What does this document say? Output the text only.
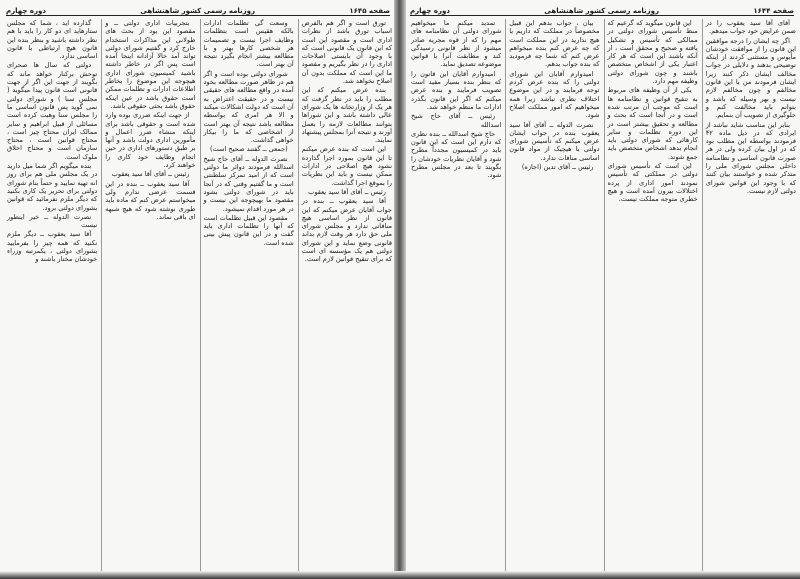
صفحه ۱۶۴۵
روزنامه رسمی کشور شاهنشاهی
دوره چهارم

تورق است و اگر هم بالفرض اسباب تورق باشد از نظرات اداری است و مقصود این است که این قانون یک قانونی است که با وجود آن بایستی اصلاحات اداری را در نظر بگیریم و مقصود ما این است که مملکت بدون آن اصلاح نخواهد شد.

بنده عرض میکنم که این مطلب را باید در نظر گرفت که هر یک از وزارتخانه ها یک شورای عالی داشته باشد و این شوراها بتوانند مطالعات لازمه را بعمل آورند و نتیجه آنرا بمجلس پیشنهاد نمایند.

این است که بنده عرض میکنم تا این قانون بمورد اجرا گذارده نشود هیچ اصلاحی در ادارات ممکن نیست و باید این نظریات را بموقع اجرا گذاشت.

رئیس ــ آقای آقا سید یعقوب

آقا سید یعقوب ــ بنده در جواب آقایان عرض میکنم که این قانون از نظر اساسی هیچ منافاتی ندارد و مجلس شورای ملی حق دارد هر وقت لازم بداند قانونی وضع نماید و این شورای دولتی هم یک مؤسسه ای است که برای تنقیح قوانین لازم است.

وسعت گی تظلمات ادارات بالکه هقیس است بتظلمات وظایف اجرا نیست و تصمیمات هر شخصی کارها بهتر و با مطالعه بیشتر انجام بگیرد نتیجه آن بهتر است.

شورای دولتی بوده است و اگر هم در ظاهر صورت مطالعه بخود آمده در واقع مطالعه های حقیقی نیست و در حقیقت اعتراض به آن است که دولت اشکالات میکند و الا هر امری که بواسطه مطالعه باشد نتیجه آن بهتر است از اشخاصی که ما را بیکار خواهی گذاشت.

(جمعی ــ گفتند صحیح است)

نصرت الدوله ــ آقای حاج شیخ اسدالله فرمودند دوائر ما دولتی است که از امید تمرکز سلطنتی است و ما گفتیم وقتی که در آنجا باید در شورای دولتی بشود مقصود ما بهیچوجه این نیست و در هر مورد اقدام نمیشود.

مقصود این قبیل تظلمات است که آنها را تظلمات اداری باید گفت و در این قانون پیش بینی شده است.

بتجربیات اداری دولتی ــ و مقصود این بود از بحث های طولانی این مذاکرات استخدام خارج کرد و گفتیم شورای دولتی تواند آمد حالا آزادانه اینجا آمده است پس اگر در خاطر داشته باشید کمیسیون شورای اداری هیچوجه این موضوع را بخاطر اطلاعات ادارات و تظلمات ممکن است حقوق باشد در عین اینکه حقوق باشد بحثی حقوقی باشد.

از جهت اینکه ضرری بوده وارد شده است و حقوقی باشد برای اینکه منشاء ضرر اعمال و مأمورین اداری دولت باشد و آنها بر طبق دستورهای اداری در حین انجام وظایف خود کاری را خواهند کرد.

رئیس ــ آقای آقا سید یعقوب

آقا سید یعقوب ــ بنده در این قسمت عرضی ندارم ولی میخواستم عرض کنم که ماده باید طوری نوشته شود که هیچ شبهه ای باقی نماند.

گذارده اید ، شما که مجلس ستارهاید ای دو کار را باید با هم نظر داشته باشید و بنظر بنده این قانون هیچ ارتباطی با قانون اساسی ندارد.

دولتی که سال ها صحرای توحش برکنار خواهد ماند که بگویند از جهت این اگر از جهت قانونی است قانون پیدا میگوید ( مجلس سنا ) و شورای دولتی نمی گوید پس قانون اساسی ما را مجلس سنا وهبت کرده است مسائلی از قبیل ابراهیم و سایر ممالک ایران محتاج چیز است ، محتاج قوانین است ، محتاج سازمان است و محتاج اخلاق ملوک است.

بنده میگویم اگر شما میل دارید در یک مجلس ملی هم برای روز انه تهیه نمایید و حتماً بنام شورای دولتی برای تحریر یک کاری بکنید که دیگر ملزم نفرمائید که قوانین بشورای دولتی برود.

نصرت الدوله ــ خیر اینطور نیست

آقا سید یعقوب ــ دیگر ملزم نکنید که همه چیز را بفرمایید بشورای دولتی ، یکمرتبه وزراء خودشان مختار باشند و

صفحه ۱۶۴۴
روزنامه رسمی کشور شاهنشاهی
دوره چهارم

آقای آقا سید یعقوب را در ضمن عرایض خود جواب میدهم.

اگر چه ایشان را درجه موافقین این قانون را از موافقت خودشان مأیوس و مستثنی کردند از اینکه توضیحی بدهند و دلایلی در جواب مخالف ایشان ذکر کنند زیرا ایشان فرمودند من با این قانون مخالفم و چون مخالفم لازم نیست و بهر وسیله که باشد و بتوانم باید مخالفت کنم و جلوگیری از تصویب آن بنمایم.

بنابر این مناسب شاید نباشد از ایرادی که در ذیل ماده ۴۲ فرمودند بواسطه این مطلب بود که در اول بیان کرده ولی در هر صورت قانون اساسی و نظامنامه داخلی مجلس شورای ملی را متذکر شده و خواستند بیان کنند که با وجود این قوانین شورای دولتی لازم نیست.

این قانون میگوید که گرعیم که منظ تأسیس شورای دولتی در ممالکی که تأسیس و تشکیل یافته و صحیح و محقق است ، از آنکه باشند این است که هر کار اعتبار یکی از اشخاص متخصص باشند و چون شورای دولتی وظیفه مهم دارد.

یکی از آن وظیفه های مربوط به تنقیح قوانین و نظامنامه ها است که موجب آن مرتب شده است و در آنجا است که بحث و مطالعه و تحقیق بیشتر است در این دوره تظلمات و سایر کارهائی که شورای دولتی باید انجام بدهد اشخاص متخصص باید جمع شوند.

این است که تأسیس شورای دولتی در مملکتی که تأسیس نمودند امور اداری از پرده اختلالات بیرون آمده است و هیچ خطری متوجه مملکت نیست.

بیان ، جواب بدهم این قبیل مخصوصاً در مملکت که داریم یا هیچ ندارید در این مملکت است که چه عرض کنم بنده میخواهم عرض کنم که شما چه فرمودید که بنده جواب بدهم.

امیدوارم آقایان این شورای دولتی را که بنده عرض کردم توجه فرمایند و در این موضوع اختلاف نظری نباشد زیرا همه میخواهیم که امور مملکت اصلاح شود.

نصرت الدوله ــ آقای آقا سید یعقوب بنده در جواب ایشان عرض میکنم که تأسیس شورای دولتی با هیچیک از مواد قانون اساسی منافات ندارد.

رئیس ــ آقای تدین (اجازه)

تمدید میکنم ما میخواهیم شورای دولتی آن نظامنامه های مهم را که از قوه مجریه صادر میشود از نظر قانونی رسیدگی کند و مطابقت آنرا با قوانین موضوعه تصدیق نماید.

امیدوارم آقایان این قانون را که بنظر بنده بسیار مفید است تصویب فرمایند و بنده عرض میکنم که اگر این قانون بگذرد ادارات ما منظم خواهد شد.

رئیس ــ آقای حاج شیخ اسدالله

حاج شیخ اسدالله ــ بنده نظری که دارم این است که این قانون باید در کمیسیون مجدداً مطرح شود و آقایان نظریات خودشان را بگویند تا بعد در مجلس مطرح شود.
